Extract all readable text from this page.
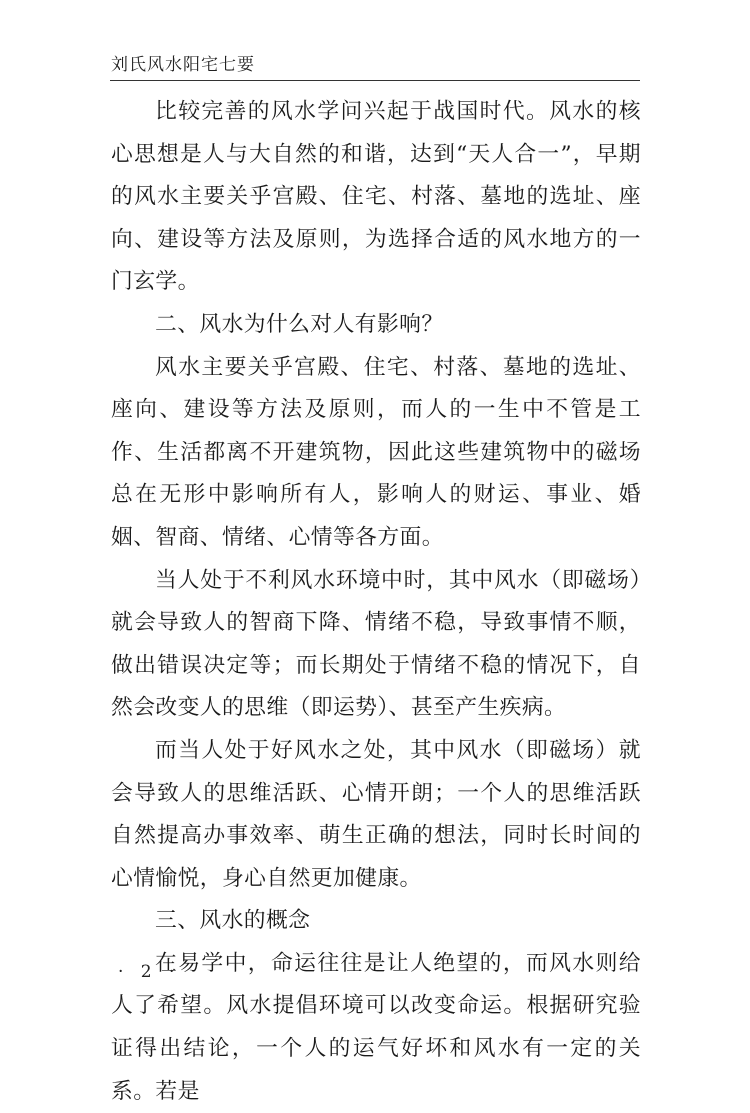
刘氏风水阳宅七要

比较完善的风水学问兴起于战国时代。风水的核心思想是人与大自然的和谐，达到“天人合一”，早期的风水主要关乎宫殿、住宅、村落、墓地的选址、座向、建设等方法及原则，为选择合适的风水地方的一门玄学。

二、风水为什么对人有影响？

风水主要关乎宫殿、住宅、村落、墓地的选址、座向、建设等方法及原则，而人的一生中不管是工作、生活都离不开建筑物，因此这些建筑物中的磁场总在无形中影响所有人，影响人的财运、事业、婚姻、智商、情绪、心情等各方面。

当人处于不利风水环境中时，其中风水（即磁场）就会导致人的智商下降、情绪不稳，导致事情不顺，做出错误决定等；而长期处于情绪不稳的情况下，自然会改变人的思维（即运势）、甚至产生疾病。

而当人处于好风水之处，其中风水（即磁场）就会导致人的思维活跃、心情开朗；一个人的思维活跃自然提高办事效率、萌生正确的想法，同时长时间的心情愉悦，身心自然更加健康。

三、风水的概念

在易学中，命运往往是让人绝望的，而风水则给人了希望。风水提倡环境可以改变命运。根据研究验证得出结论，一个人的运气好坏和风水有一定的关系。若是

· 2 ·
